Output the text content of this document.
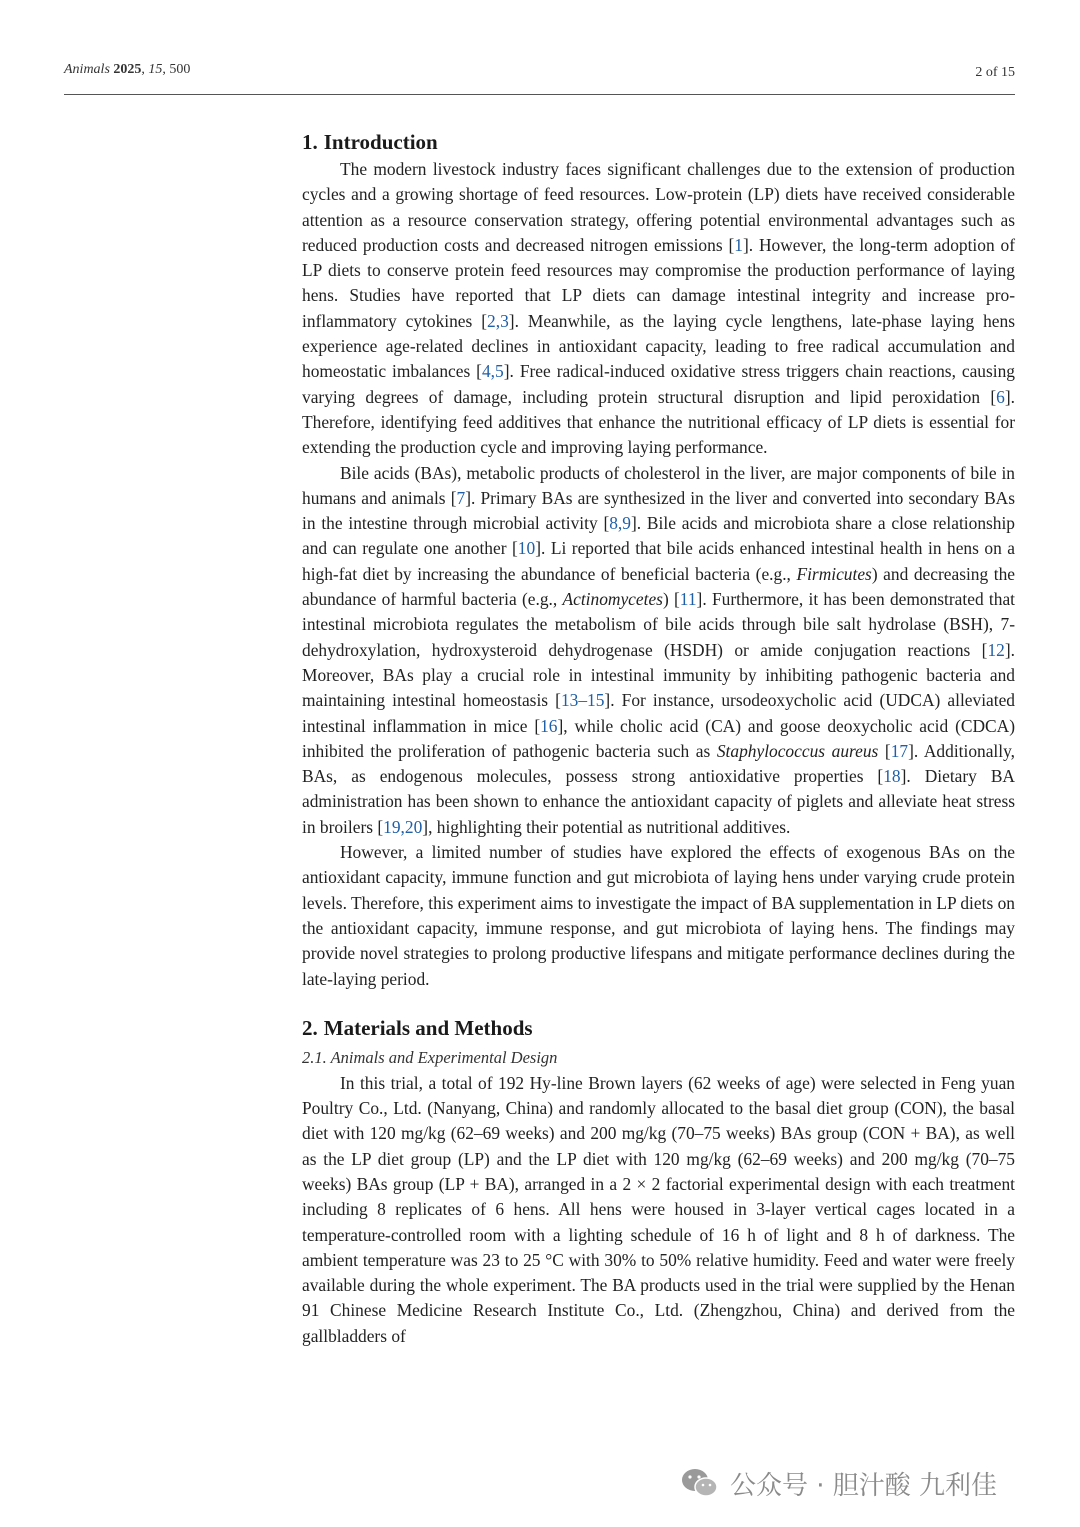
Animals 2025, 15, 500	2 of 15
1. Introduction

The modern livestock industry faces significant challenges due to the extension of production cycles and a growing shortage of feed resources. Low-protein (LP) diets have received considerable attention as a resource conservation strategy, offering potential environmental advantages such as reduced production costs and decreased nitrogen emissions [1]. However, the long-term adoption of LP diets to conserve protein feed resources may compromise the production performance of laying hens. Studies have reported that LP diets can damage intestinal integrity and increase pro-inflammatory cytokines [2,3]. Meanwhile, as the laying cycle lengthens, late-phase laying hens experience age-related declines in antioxidant capacity, leading to free radical accumulation and homeostatic imbalances [4,5]. Free radical-induced oxidative stress triggers chain reactions, causing varying degrees of damage, including protein structural disruption and lipid peroxidation [6]. Therefore, identifying feed additives that enhance the nutritional efficacy of LP diets is essential for extending the production cycle and improving laying performance.

Bile acids (BAs), metabolic products of cholesterol in the liver, are major components of bile in humans and animals [7]. Primary BAs are synthesized in the liver and converted into secondary BAs in the intestine through microbial activity [8,9]. Bile acids and microbiota share a close relationship and can regulate one another [10]. Li reported that bile acids enhanced intestinal health in hens on a high-fat diet by increasing the abundance of beneficial bacteria (e.g., Firmicutes) and decreasing the abundance of harmful bacteria (e.g., Actinomycetes) [11]. Furthermore, it has been demonstrated that intestinal microbiota regulates the metabolism of bile acids through bile salt hydrolase (BSH), 7-dehydroxylation, hydroxysteroid dehydrogenase (HSDH) or amide conjugation reactions [12]. Moreover, BAs play a crucial role in intestinal immunity by inhibiting pathogenic bacteria and maintaining intestinal homeostasis [13–15]. For instance, ursodeoxycholic acid (UDCA) alleviated intestinal inflammation in mice [16], while cholic acid (CA) and goose deoxycholic acid (CDCA) inhibited the proliferation of pathogenic bacteria such as Staphylococcus aureus [17]. Additionally, BAs, as endogenous molecules, possess strong antioxidative properties [18]. Dietary BA administration has been shown to enhance the antioxidant capacity of piglets and alleviate heat stress in broilers [19,20], highlighting their potential as nutritional additives.

However, a limited number of studies have explored the effects of exogenous BAs on the antioxidant capacity, immune function and gut microbiota of laying hens under varying crude protein levels. Therefore, this experiment aims to investigate the impact of BA supplementation in LP diets on the antioxidant capacity, immune response, and gut microbiota of laying hens. The findings may provide novel strategies to prolong productive lifespans and mitigate performance declines during the late-laying period.

2. Materials and Methods
2.1. Animals and Experimental Design

In this trial, a total of 192 Hy-line Brown layers (62 weeks of age) were selected in Feng yuan Poultry Co., Ltd. (Nanyang, China) and randomly allocated to the basal diet group (CON), the basal diet with 120 mg/kg (62–69 weeks) and 200 mg/kg (70–75 weeks) BAs group (CON + BA), as well as the LP diet group (LP) and the LP diet with 120 mg/kg (62–69 weeks) and 200 mg/kg (70–75 weeks) BAs group (LP + BA), arranged in a 2 × 2 factorial experimental design with each treatment including 8 replicates of 6 hens. All hens were housed in 3-layer vertical cages located in a temperature-controlled room with a lighting schedule of 16 h of light and 8 h of darkness. The ambient temperature was 23 to 25 °C with 30% to 50% relative humidity. Feed and water were freely available during the whole experiment. The BA products used in the trial were supplied by the Henan 91 Chinese Medicine Research Institute Co., Ltd. (Zhengzhou, China) and derived from the gallbladders of

公众号 · 胆汁酸 九利佳
